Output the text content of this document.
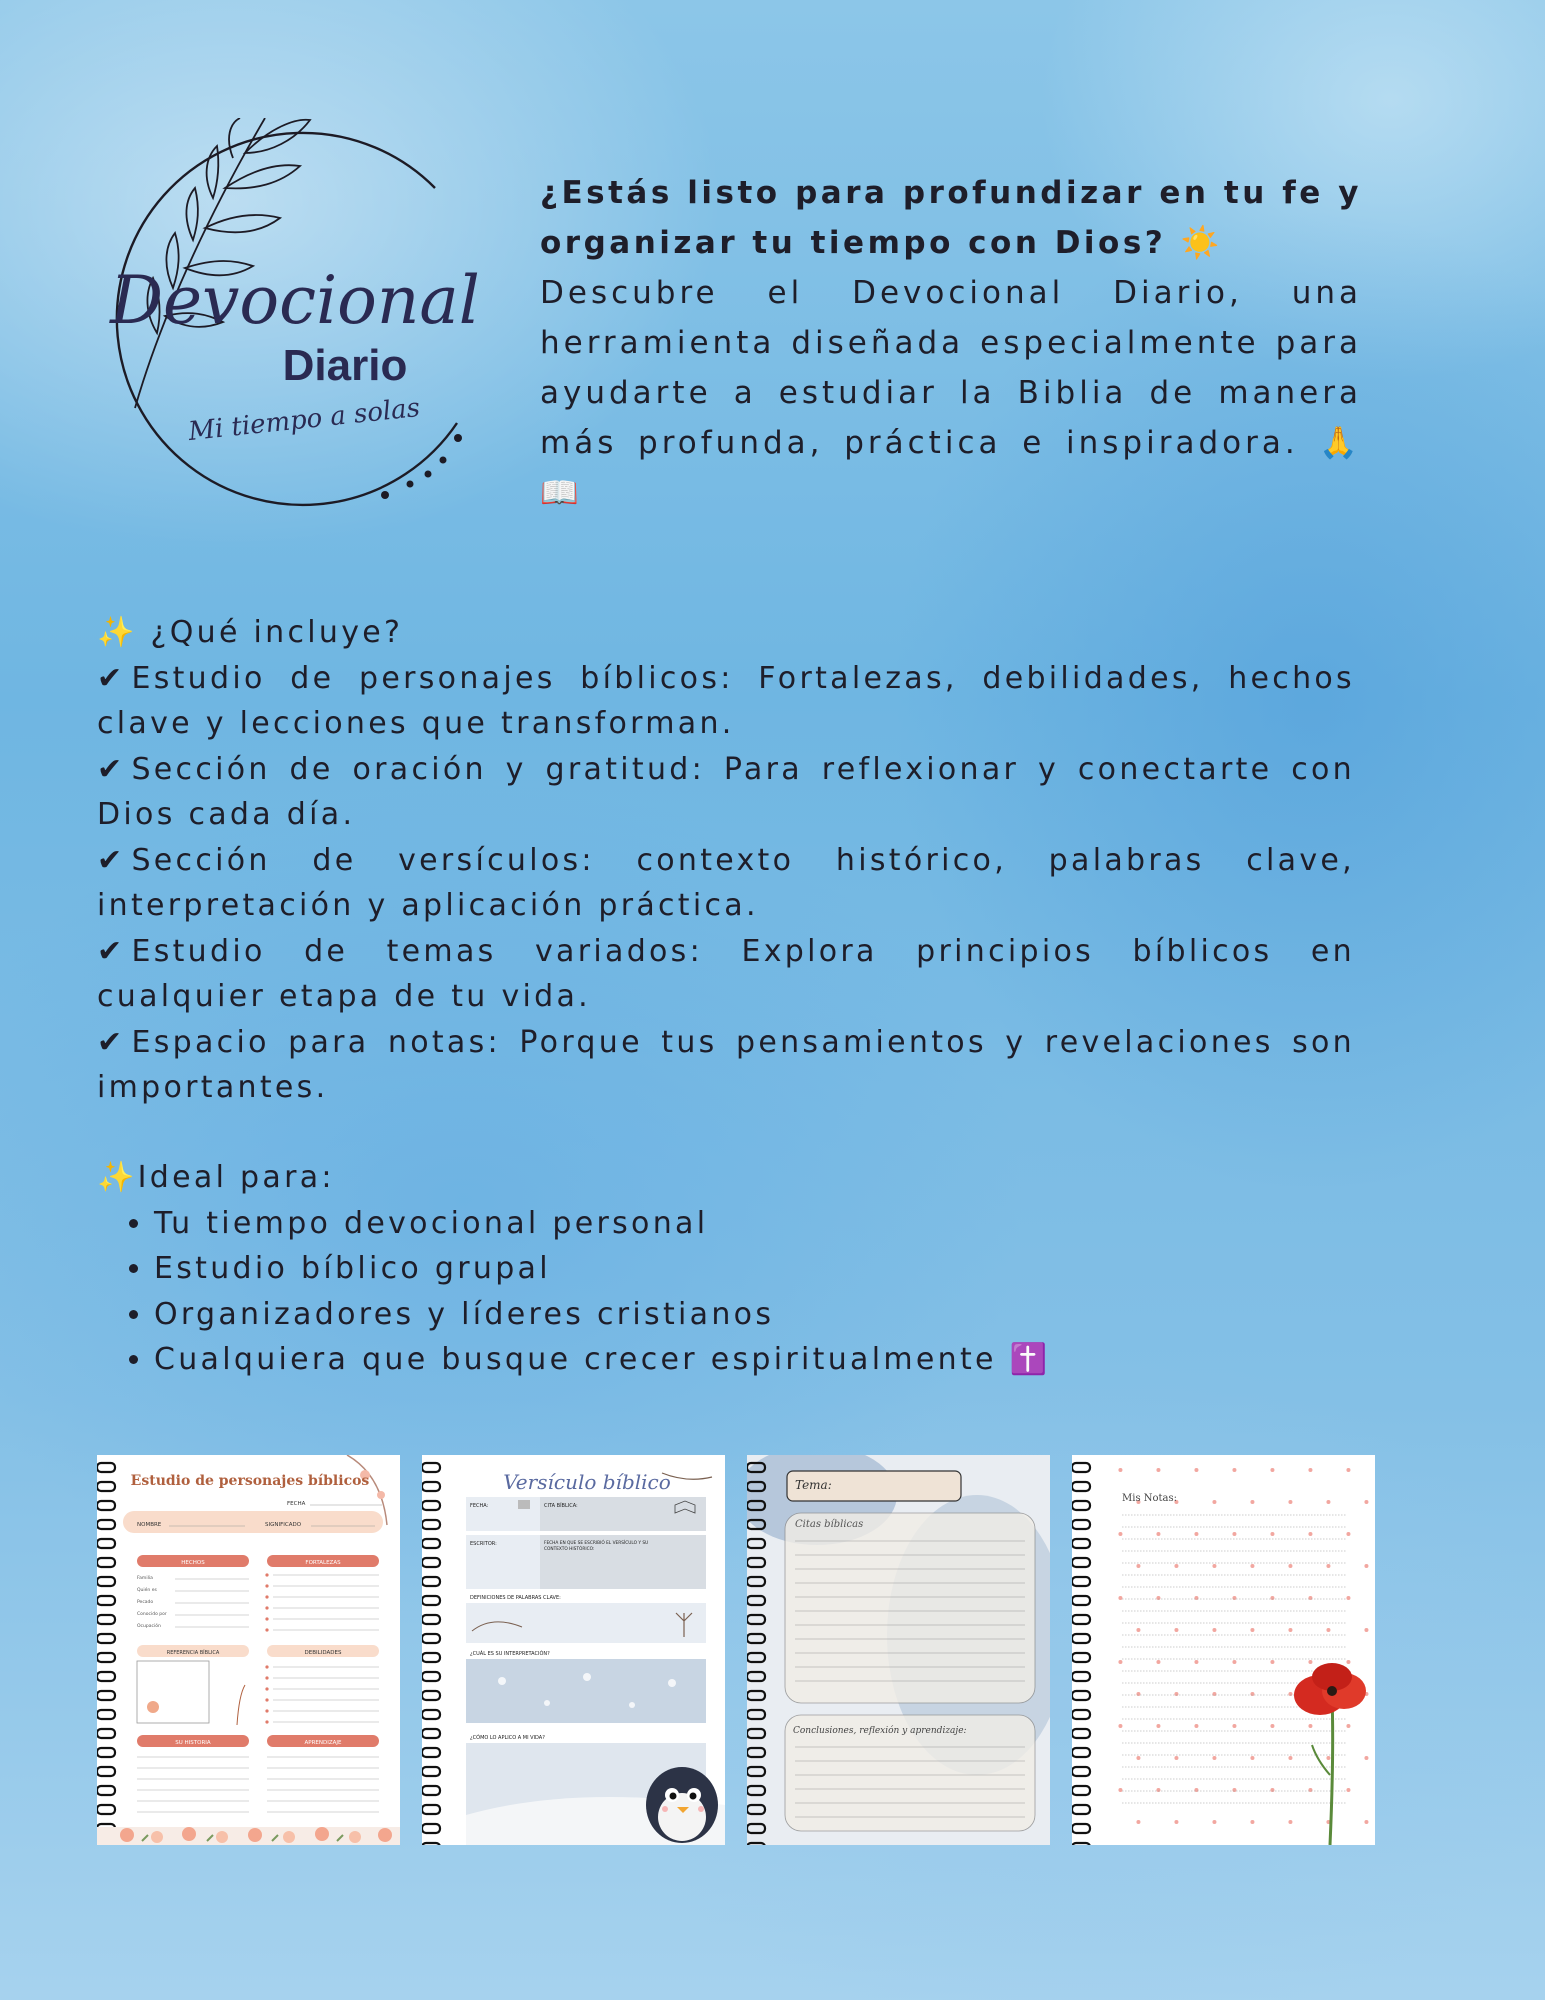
Devocional
Diario
Mi tiempo a solas
¿Estás listo para profundizar en tu fe y organizar tu tiempo con Dios? ☀️
Descubre el Devocional Diario, una herramienta diseñada especialmente para ayudarte a estudiar la Biblia de manera más profunda, práctica e inspiradora. 🙏📖
✨ ¿Qué incluye?
✔ Estudio de personajes bíblicos: Fortalezas, debilidades, hechos clave y lecciones que transforman.
✔ Sección de oración y gratitud: Para reflexionar y conectarte con Dios cada día.
✔ Sección de versículos: contexto histórico, palabras clave, interpretación y aplicación práctica.
✔ Estudio de temas variados: Explora principios bíblicos en cualquier etapa de tu vida.
✔ Espacio para notas: Porque tus pensamientos y revelaciones son importantes.
✨Ideal para:
• Tu tiempo devocional personal
• Estudio bíblico grupal
• Organizadores y líderes cristianos
• Cualquiera que busque crecer espiritualmente ✝️
Estudio de personajes bíblicos
FECHA
NOMBRE	SIGNIFICADO
HECHOS	FORTALEZAS
Familia
Quién es
Pecado
Conocido por
Ocupación
REFERENCIA BÍBLICA	DEBILIDADES
SU HISTORIA	APRENDIZAJE
Versículo bíblico
FECHA:	CITA BÍBLICA:
ESCRITOR:	FECHA EN QUE SE ESCRIBIÓ EL VERSÍCULO Y SU
CONTEXTO HISTÓRICO:
DEFINICIONES DE PALABRAS CLAVE:
¿CUÁL ES SU INTERPRETACIÓN?
¿CÓMO LO APLICO A MI VIDA?
Tema:
Citas bíblicas
Conclusiones, reflexión y aprendizaje:
Mis Notas:
